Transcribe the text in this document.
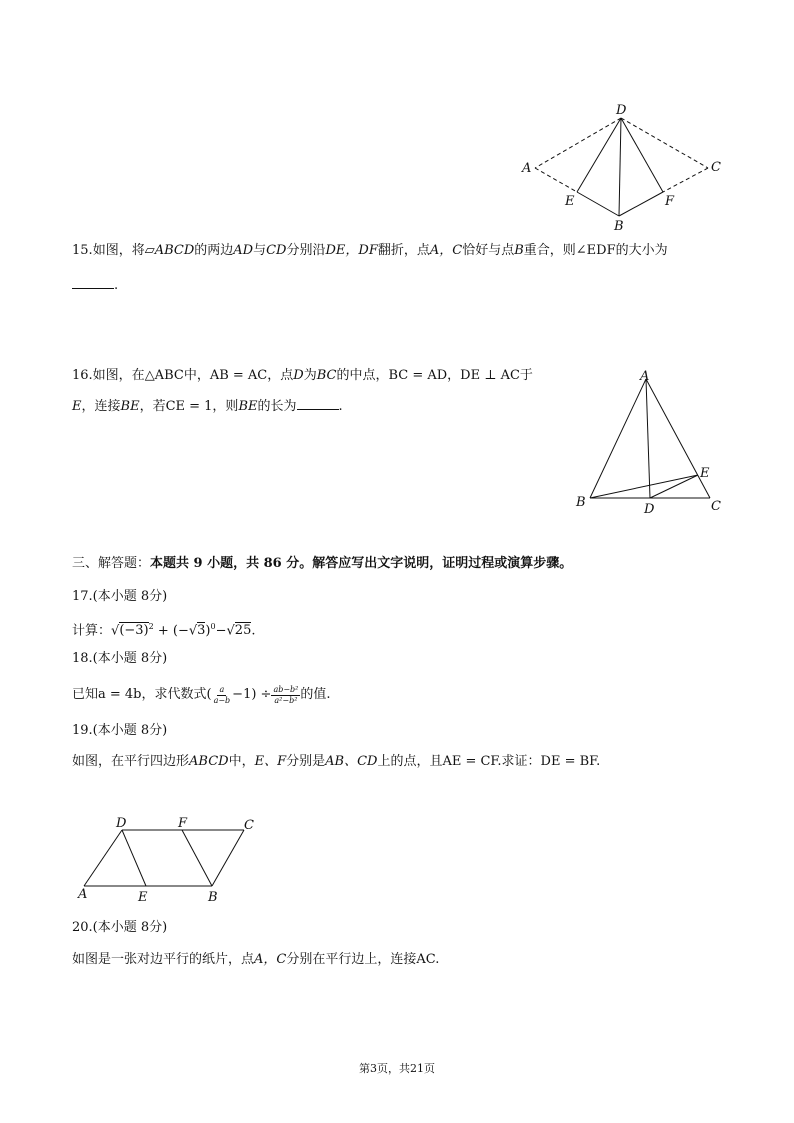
D
A	C
E	F
B
15.如图，将▱ABCD的两边AD与CD分别沿DE，DF翻折，点A，C恰好与点B重合，则∠EDF的大小为
.
16.如图，在△ABC中，AB = AC，点D为BC的中点，BC = AD，DE ⊥ AC于
E，连接BE，若CE = 1，则BE的长为	.
A
B	C
D
E
三、解答题：本题共 9 小题，共 86 分。解答应写出文字说明，证明过程或演算步骤。
17.(本小题 8分)
计算：$√(-3)^2 + (-√3)^0-√25$.
18.(本小题 8分)
已知a = 4b，求代数式( $\frac{a}{a-b} -1) \div \frac{\text{ab−b²}}{\text{a²−b²}}$ 的值.
19.(本小题 8分)
如图，在平行四边形ABCD中，E、F分别是AB、CD上的点，且AE = CF.求证：DE = BF.
D	F	C
A	E	B
20.(本小题 8分)
如图是一张对边平行的纸片，点A，C分别在平行边上，连接AC.
第3页，共21页
